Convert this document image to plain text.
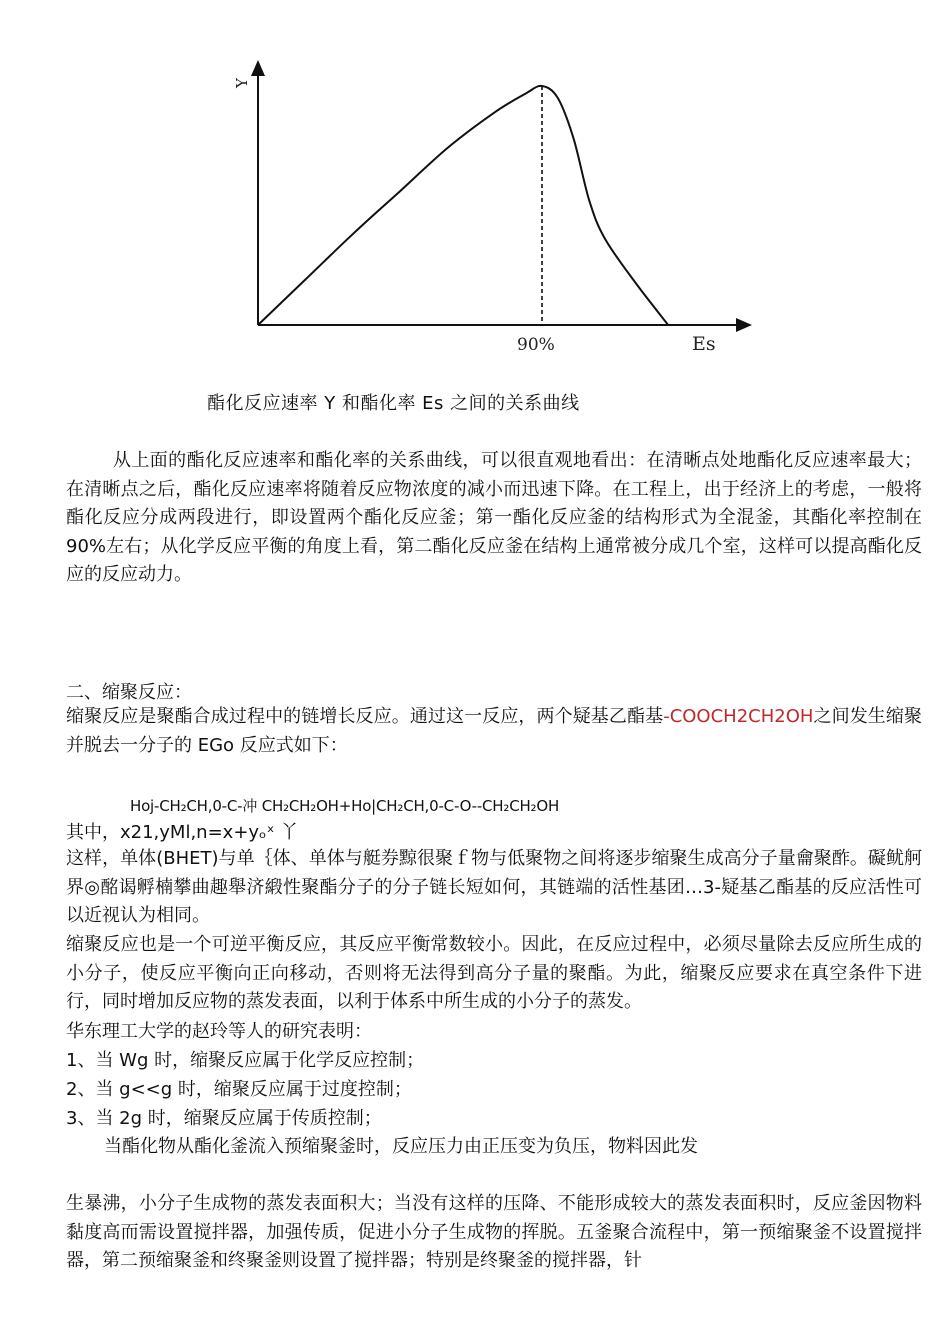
Y
90%	Es
酯化反应速率 Y 和酯化率 Es 之间的关系曲线

从上面的酯化反应速率和酯化率的关系曲线，可以很直观地看出：在清晰点处地酯化反应速率最大；在清晰点之后，酯化反应速率将随着反应物浓度的减小而迅速下降。在工程上，出于经济上的考虑，一般将酯化反应分成两段进行，即设置两个酯化反应釜；第一酯化反应釜的结构形式为全混釜，其酯化率控制在 90%左右；从化学反应平衡的角度上看，第二酯化反应釜在结构上通常被分成几个室，这样可以提高酯化反应的反应动力。

二、缩聚反应：

缩聚反应是聚酯合成过程中的链增长反应。通过这一反应，两个疑基乙酯基-COOCH2CH2OH之间发生缩聚并脱去一分子的 EGo 反应式如下：

Hoj-CH₂CH,0-C-冲 CH₂CH₂OH+Ho|CH₂CH,0-C-O--CH₂CH₂OH

其中，x21,yMl,n=x+yₒˣ 丫

这样，单体(BHET)与单｛体、单体与艇券黥很聚ｆ物与低聚物之间将逐步缩聚生成高分子量龠聚酢。礙鱿舸界◎酩谒孵楠攀曲趣舉济緞性聚酯分子的分子链长短如何，其链端的活性基团…3-疑基乙酯基的反应活性可以近视认为相同。

缩聚反应也是一个可逆平衡反应，其反应平衡常数较小。因此，在反应过程中，必须尽量除去反应所生成的小分子，使反应平衡向正向移动，否则将无法得到高分子量的聚酯。为此，缩聚反应要求在真空条件下进行，同时增加反应物的蒸发表面，以利于体系中所生成的小分子的蒸发。

华东理工大学的赵玲等人的研究表明：

1、当 Wg 时，缩聚反应属于化学反应控制；

2、当 g<<g 时，缩聚反应属于过度控制；

3、当 2g 时，缩聚反应属于传质控制；

当酯化物从酯化釜流入预缩聚釜时，反应压力由正压变为负压，物料因此发

生暴沸，小分子生成物的蒸发表面积大；当没有这样的压降、不能形成较大的蒸发表面积时，反应釜因物料黏度高而需设置搅拌器，加强传质，促进小分子生成物的挥脱。五釜聚合流程中，第一预缩聚釜不设置搅拌器，第二预缩聚釜和终聚釜则设置了搅拌器；特别是终聚釜的搅拌器，针
